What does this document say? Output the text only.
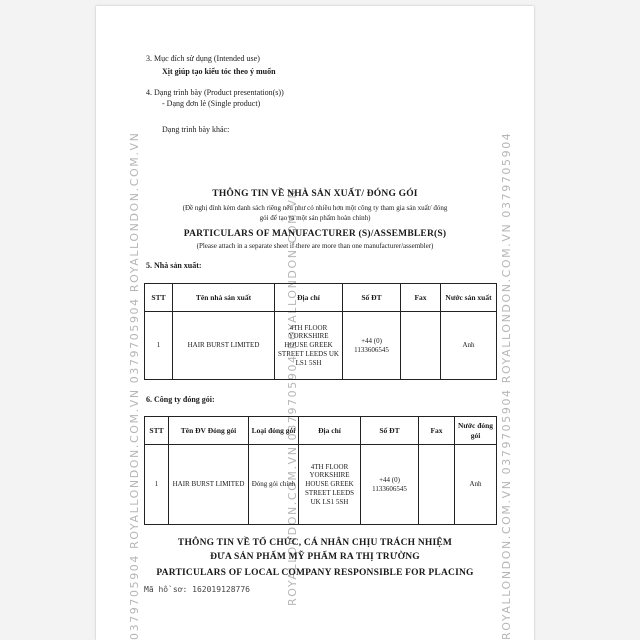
0379705904 ROYALLONDON.COM.VN 0379705904 ROYALLONDON.COM.VN	ROYALLONDON.COM.VN 0379705904 ROYALLONDON.COM.VN	ROYALLONDON.COM.VN 0379705904 ROYALLONDON.COM.VN 0379705904
3. Mục đích sử dụng (Intended use)
Xịt giúp tạo kiểu tóc theo ý muốn
4. Dạng trình bày (Product presentation(s))
- Dạng đơn lẻ (Single product)
Dạng trình bày khác:
THÔNG TIN VỀ NHÀ SẢN XUẤT/ ĐÓNG GÓI
(Đề nghị đính kèm danh sách riêng nếu như có nhiều hơn một công ty tham gia sản xuất/ đóng
gói để tạo ra một sản phẩm hoàn chỉnh)
PARTICULARS OF MANUFACTURER (S)/ASSEMBLER(S)
(Please attach in a separate sheet if there are more than one manufacturer/assembler)
5. Nhà sản xuất:
STT	Tên nhà sản xuất	Địa chỉ	Số ĐT	Fax	Nước sản xuất
1	HAIR BURST LIMITED	4TH FLOOR YORKSHIRE HOUSE GREEK STREET LEEDS UK LS1 5SH	+44 (0) 1133606545		Anh
6. Công ty đóng gói:
STT	Tên ĐV Đóng gói	Loại đóng gói	Địa chỉ	Số ĐT	Fax	Nước đóng gói
1	HAIR BURST LIMITED	Đóng gói chính	4TH FLOOR YORKSHIRE HOUSE GREEK STREET LEEDS UK LS1 5SH	+44 (0) 1133606545		Anh
THÔNG TIN VỀ TỔ CHỨC, CÁ NHÂN CHỊU TRÁCH NHIỆM
ĐƯA SẢN PHẨM MỸ PHẨM RA THỊ TRƯỜNG
PARTICULARS OF LOCAL COMPANY RESPONSIBLE FOR PLACING
Mã hồ sơ: 162019128776
